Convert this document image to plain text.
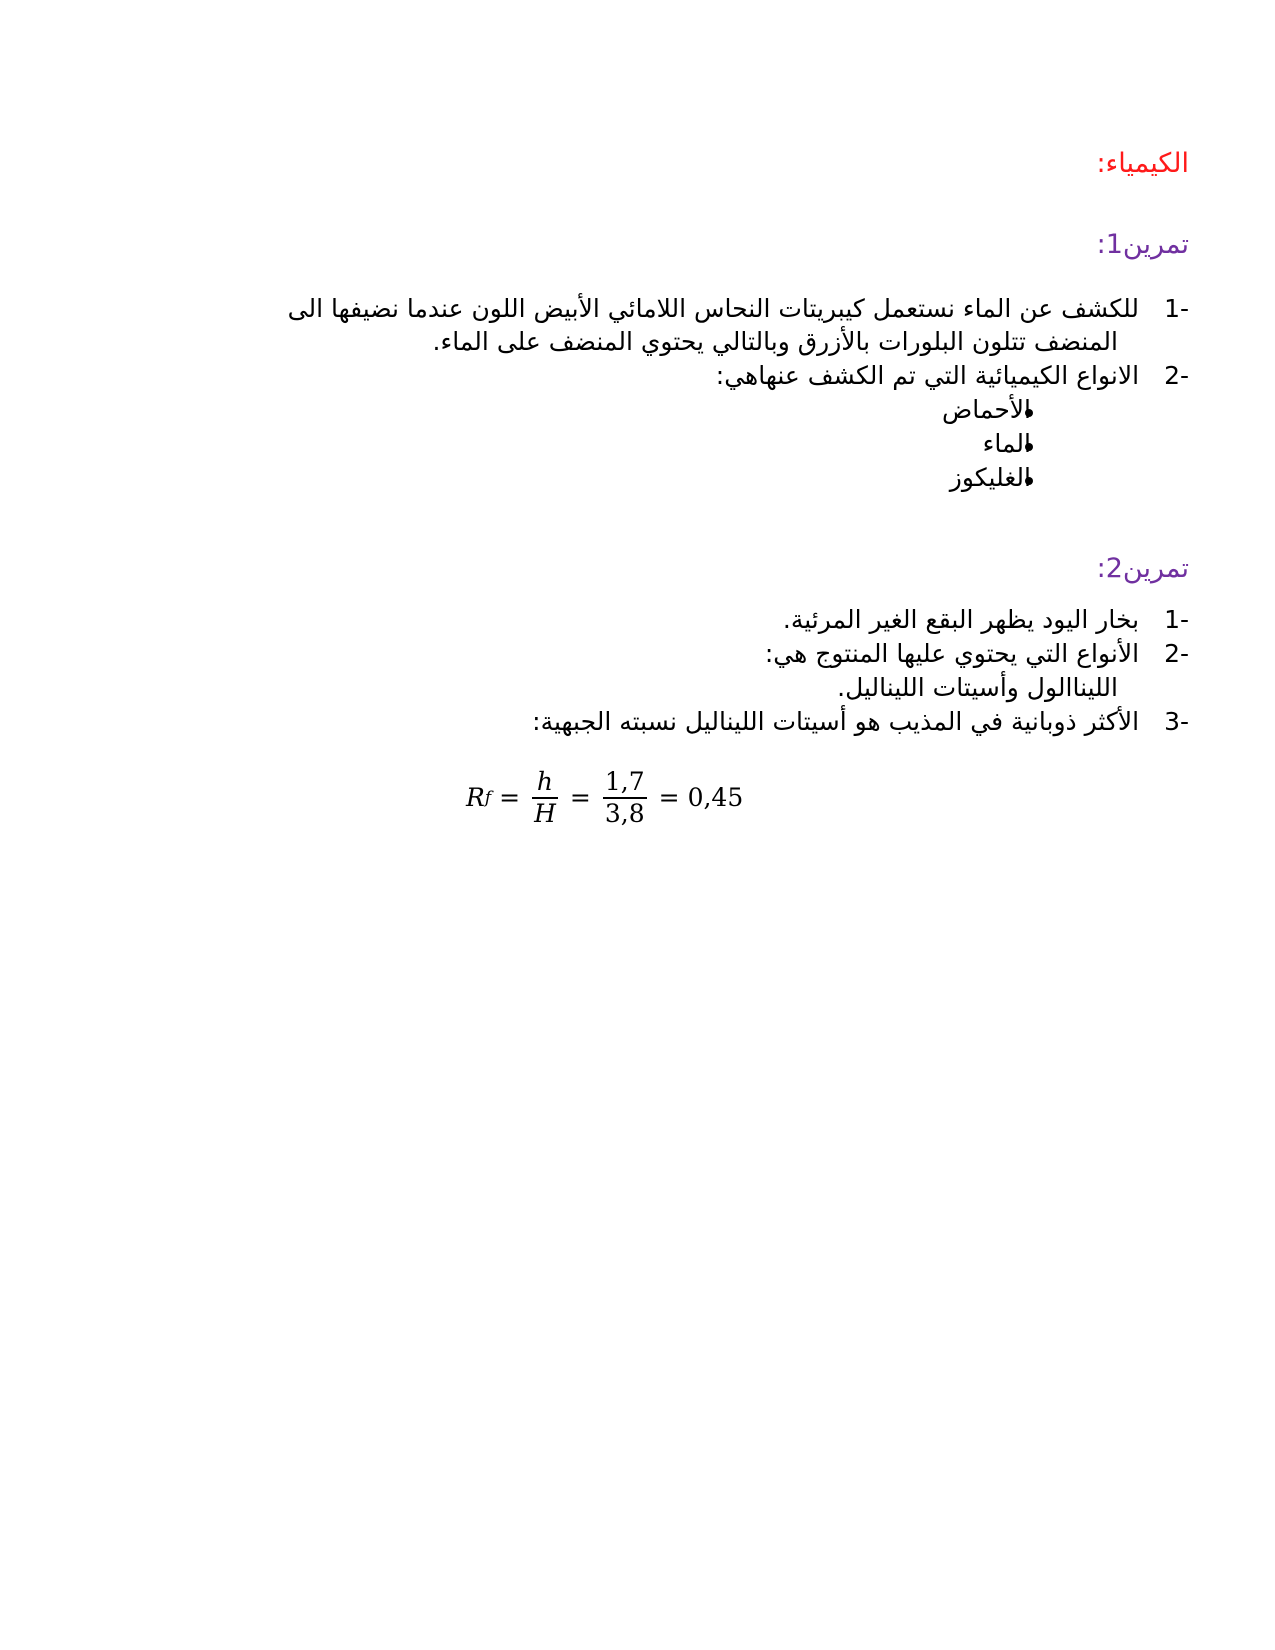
الكيمياء:
تمرين1:
1- للكشف عن الماء نستعمل كيبريتات النحاس اللامائي الأبيض اللون عندما نضيفها الى
المنضف تتلون البلورات بالأزرق وبالتالي يحتوي المنضف على الماء.
2- الانواع الكيميائية التي تم الكشف عنهاهي:
الأحماض
الماء
الغليكوز
تمرين2:
1- بخار اليود يظهر البقع الغير المرئية.
2- الأنواع التي يحتوي عليها المنتوج هي:
الليناالول وأسيتات الليناليل.
3- الأكثر ذوبانية في المذيب هو أسيتات الليناليل نسبته الجبهية:
R $f = \frac{h}{H} = \frac{1,7}{3,8} = 0,45$
